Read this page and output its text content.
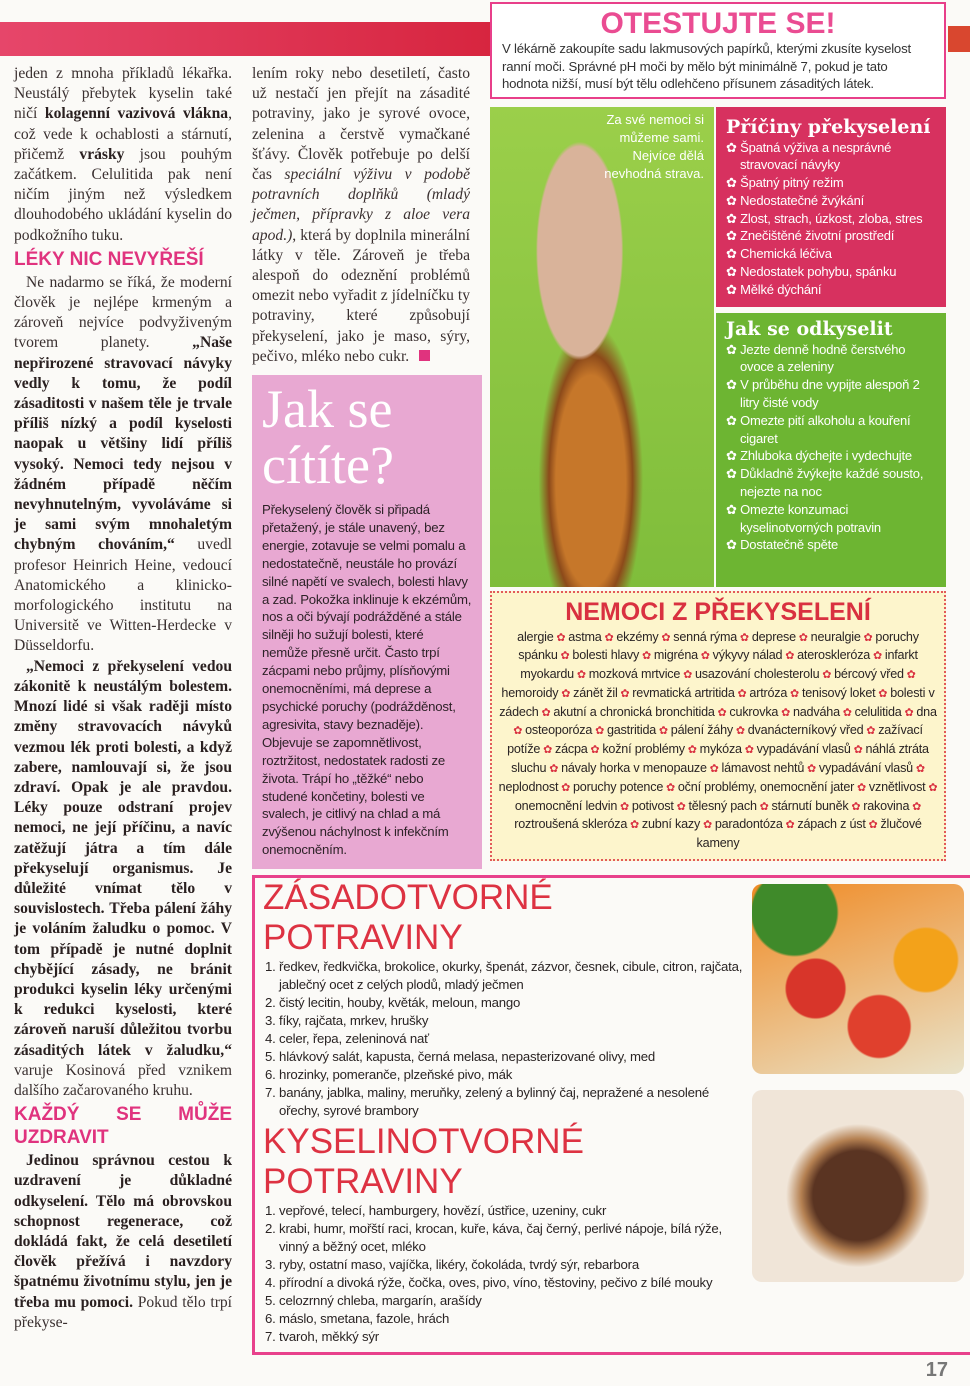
jeden z mnoha příkladů lékařka. Neustálý přebytek kyselin také ničí kolagenní vazivová vlákna, což vede k ochablosti a stárnutí, přičemž vrásky jsou pouhým začátkem. Celulitida pak není ničím jiným než výsledkem dlouhodobého ukládání kyselin do podkožního tuku.

LÉKY NIC NEVYŘEŠÍ

Ne nadarmo se říká, že moderní člověk je nejlépe krmeným a zároveň nejvíce podvyživeným tvorem planety. „Naše nepřirozené stravovací návyky vedly k tomu, že podíl zásaditosti v našem těle je trvale příliš nízký a podíl kyselosti naopak u většiny lidí příliš vysoký. Nemoci tedy nejsou v žádném případě něčím nevyhnutelným, vyvoláváme si je sami svým mnohaletým chybným chováním,“ uvedl profesor Heinrich Heine, vedoucí Anatomického a klinicko-morfologického institutu na Universitě ve Witten-Herdecke v Düsseldorfu.

„Nemoci z překyselení vedou zákonitě k neustálým bolestem. Mnozí lidé si však raději místo změny stravovacích návyků vezmou lék proti bolesti, a když zabere, namlouvají si, že jsou zdraví. Opak je ale pravdou. Léky pouze odstraní projev nemoci, ne její příčinu, a navíc zatěžují játra a tím dále překyselují organismus. Je důležité vnímat tělo v souvislostech. Třeba pálení žáhy je voláním žaludku o pomoc. V tom případě je nutné doplnit chybějící zásady, ne bránit produkci kyselin léky určenými k redukci kyselosti, které zároveň naruší důležitou tvorbu zásaditých látek v žaludku,“ varuje Kosinová před vznikem dalšího začarovaného kruhu.

KAŽDÝ SE MŮŽE UZDRAVIT

Jedinou správnou cestou k uzdravení je důkladné odkyselení. Tělo má obrovskou schopnost regenerace, což dokládá fakt, že celá desetiletí člověk přežívá i navzdory špatnému životnímu stylu, jen je třeba mu pomoci. Pokud tělo trpí překyse-

lením roky nebo desetiletí, často už nestačí jen přejít na zásadité potraviny, jako je syrové ovoce, zelenina a čerstvě vymačkané šťávy. Člověk potřebuje po delší čas speciální výživu v podobě potravních doplňků (mladý ječmen, přípravky z aloe vera apod.), která by doplnila minerální látky v těle. Zároveň je třeba alespoň do odeznění problémů omezit nebo vyřadit z jídelníčku ty potraviny, které způsobují překyselení, jako je maso, sýry, pečivo, mléko nebo cukr.

Jak se cítíte?

Překyselený člověk si připadá přetažený, je stále unavený, bez energie, zotavuje se velmi pomalu a nedostatečně, neustále ho provází silné napětí ve svalech, bolesti hlavy a zad. Pokožka inklinuje k ekzémům, nos a oči bývají podrážděné a stále silněji ho sužují bolesti, které nemůže přesně určit. Často trpí zácpami nebo průjmy, plísňovými onemocněními, má deprese a psychické poruchy (podrážděnost, agresivita, stavy beznaděje). Objevuje se zapomnětlivost, roztržitost, nedostatek radosti ze života. Trápí ho „těžké“ nebo studené končetiny, bolesti ve svalech, je citlivý na chlad a má zvýšenou náchylnost k infekčním onemocněním.

OTESTUJTE SE!

V lékárně zakoupíte sadu lakmusových papírků, kterými zkusíte kyselost ranní moči. Správné pH moči by mělo být minimálně 7, pokud je tato hodnota nižší, musí být tělu odlehčeno přísunem zásaditých látek.

Za své nemoci si můžeme sami. Nejvíce dělá nevhodná strava.
Příčiny překyselení
✿ Špatná výživa a nesprávné stravovací návyky
✿ Špatný pitný režim
✿ Nedostatečné žvýkání
✿ Zlost, strach, úzkost, zloba, stres
✿ Znečištěné životní prostředí
✿ Chemická léčiva
✿ Nedostatek pohybu, spánku
✿ Mělké dýchání
Jak se odkyselit
✿ Jezte denně hodně čerstvého ovoce a zeleniny
✿ V průběhu dne vypijte alespoň 2 litry čisté vody
✿ Omezte pití alkoholu a kouření cigaret
✿ Zhluboka dýchejte i vydechujte
✿ Důkladně žvýkejte každé sousto, nejezte na noc
✿ Omezte konzumaci kyselinotvorných potravin
✿ Dostatečně spěte
NEMOCI Z PŘEKYSELENÍ
alergie ✿ astma ✿ ekzémy ✿ senná rýma ✿ deprese ✿ neuralgie ✿ poruchy spánku ✿ bolesti hlavy ✿ migréna ✿ výkyvy nálad ✿ ateroskleróza ✿ infarkt myokardu ✿ mozková mrtvice ✿ usazování cholesterolu ✿ bércový vřed ✿ hemoroidy ✿ zánět žil ✿ revmatická artritida ✿ artróza ✿ tenisový loket ✿ bolesti v zádech ✿ akutní a chronická bronchitida ✿ cukrovka ✿ nadváha ✿ celulitida ✿ dna ✿ osteoporóza ✿ gastritida ✿ pálení žáhy ✿ dvanácterníkový vřed ✿ zažívací potíže ✿ zácpa ✿ kožní problémy ✿ mykóza ✿ vypadávání vlasů ✿ náhlá ztráta sluchu ✿ návaly horka v menopauze ✿ lámavost nehtů ✿ vypadávání vlasů ✿ neplodnost ✿ poruchy potence ✿ oční problémy, onemocnění jater ✿ vznětlivost ✿ onemocnění ledvin ✿ potivost ✿ tělesný pach ✿ stárnutí buněk ✿ rakovina ✿ roztroušená skleróza ✿ zubní kazy ✿ paradontóza ✿ zápach z úst ✿ žlučové kameny
ZÁSADOTVORNÉ POTRAVINY
1. ředkev, ředkvička, brokolice, okurky, špenát, zázvor, česnek, cibule, citron, rajčata, jablečný ocet z celých plodů, mladý ječmen
2. čistý lecitin, houby, květák, meloun, mango
3. fíky, rajčata, mrkev, hrušky
4. celer, řepa, zeleninová nať
5. hlávkový salát, kapusta, černá melasa, nepasterizované olivy, med
6. hrozinky, pomeranče, plzeňské pivo, mák
7. banány, jablka, maliny, meruňky, zelený a bylinný čaj, nepražené a nesolené ořechy, syrové brambory
KYSELINOTVORNÉ POTRAVINY
1. vepřové, telecí, hamburgery, hovězí, ústřice, uzeniny, cukr
2. krabi, humr, mořští raci, krocan, kuře, káva, čaj černý, perlivé nápoje, bílá rýže, vinný a běžný ocet, mléko
3. ryby, ostatní maso, vajíčka, likéry, čokoláda, tvrdý sýr, rebarbora
4. přírodní a divoká rýže, čočka, oves, pivo, víno, těstoviny, pečivo z bílé mouky
5. celozrnný chleba, margarín, arašídy
6. máslo, smetana, fazole, hrách
7. tvaroh, měkký sýr
17
